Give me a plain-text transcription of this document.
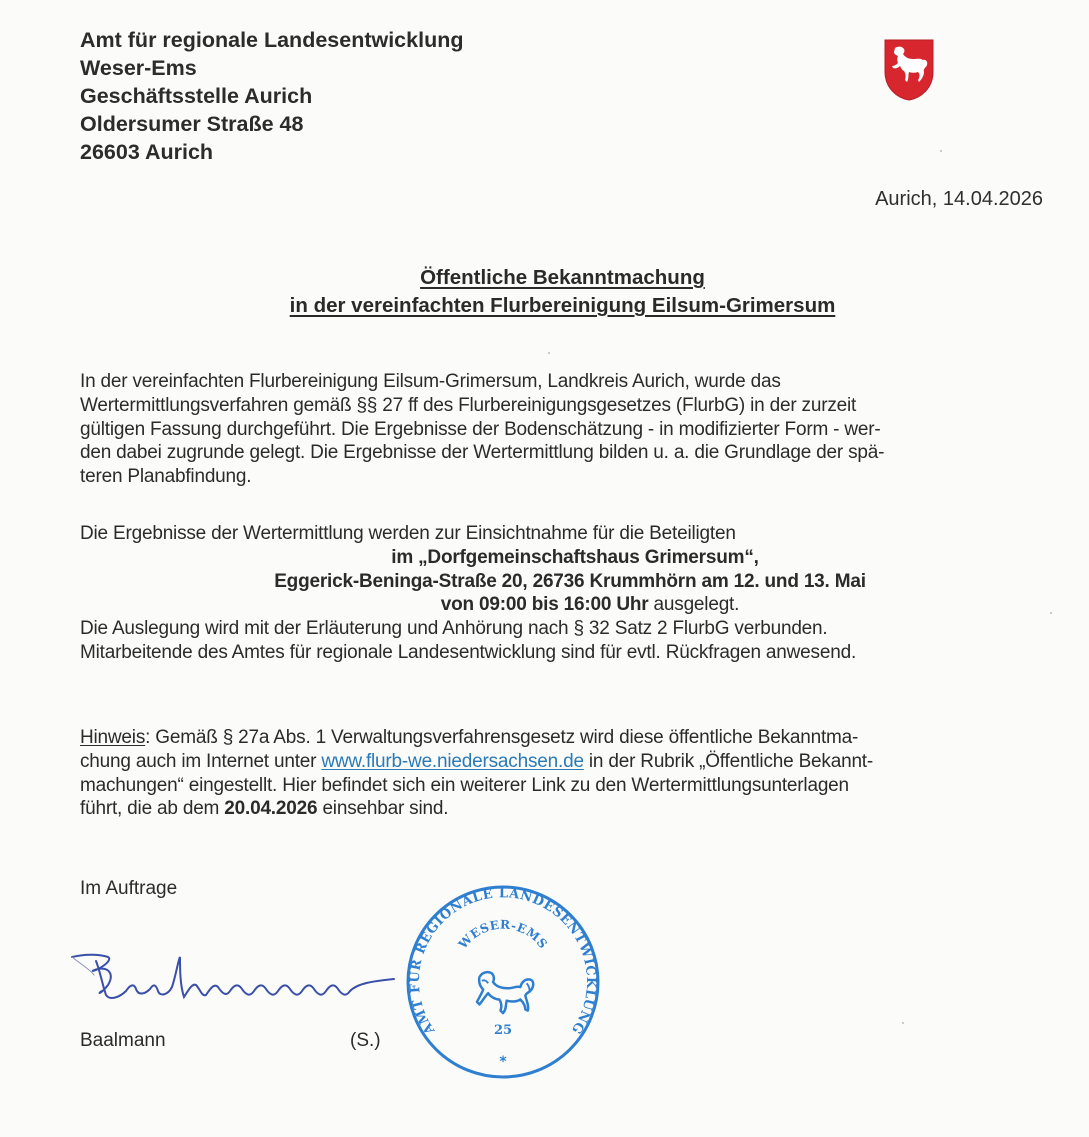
Amt für regionale Landesentwicklung
Weser-Ems
Geschäftsstelle Aurich
Oldersumer Straße 48
26603 Aurich
Aurich, 14.04.2026
Öffentliche Bekanntmachung
in der vereinfachten Flurbereinigung Eilsum-Grimersum
In der vereinfachten Flurbereinigung Eilsum-Grimersum, Landkreis Aurich, wurde das
Wertermittlungsverfahren gemäß §§ 27 ff des Flurbereinigungsgesetzes (FlurbG) in der zurzeit
gültigen Fassung durchgeführt. Die Ergebnisse der Bodenschätzung - in modifizierter Form - wer-
den dabei zugrunde gelegt. Die Ergebnisse der Wertermittlung bilden u. a. die Grundlage der spä-
teren Planabfindung.
Die Ergebnisse der Wertermittlung werden zur Einsichtnahme für die Beteiligten
im „Dorfgemeinschaftshaus Grimersum“,
Eggerick-Beninga-Straße 20, 26736 Krummhörn am 12. und 13. Mai
von 09:00 bis 16:00 Uhr ausgelegt.
Die Auslegung wird mit der Erläuterung und Anhörung nach § 32 Satz 2 FlurbG verbunden.
Mitarbeitende des Amtes für regionale Landesentwicklung sind für evtl. Rückfragen anwesend.
Hinweis: Gemäß § 27a Abs. 1 Verwaltungsverfahrensgesetz wird diese öffentliche Bekanntma-
chung auch im Internet unter www.flurb-we.niedersachsen.de in der Rubrik „Öffentliche Bekannt-
machungen“ eingestellt. Hier befindet sich ein weiterer Link zu den Wertermittlungsunterlagen
führt, die ab dem 20.04.2026 einsehbar sind.
Im Auftrage
Baalmann	(S.)
AMT FÜR REGIONALE LANDESENTWICKLUNG
WESER-EMS
25
*
